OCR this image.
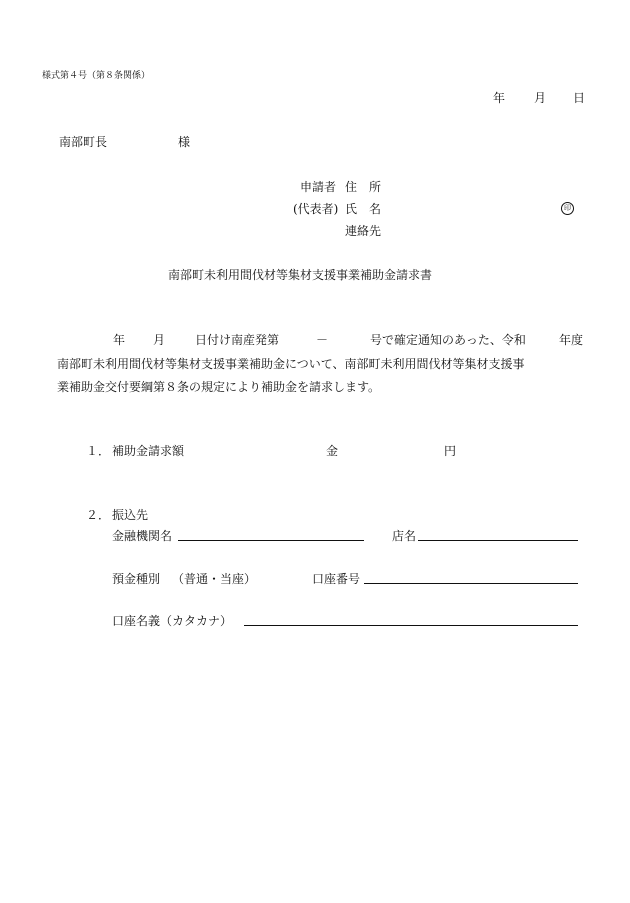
様式第４号（第８条関係）
年 月 日
南部町長	様
申請者 住　所
(代表者) 氏　名	印
連絡先
南部町未利用間伐材等集材支援事業補助金請求書
年 月 日付け南産発第	－	号で確定通知のあった、令和	年度
南部町未利用間伐材等集材支援事業補助金について、南部町未利用間伐材等集材支援事
業補助金交付要綱第８条の規定により補助金を請求します。
１． 補助金請求額	金	円
２． 振込先
金融機関名	店名
預金種別 （普通・当座）	口座番号
口座名義（カタカナ）
